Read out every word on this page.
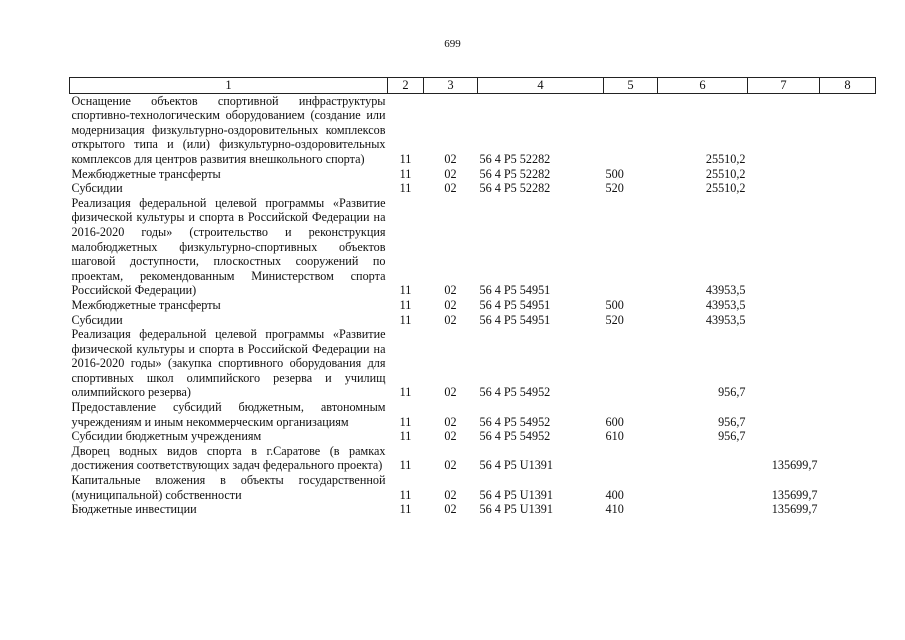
699
1	2	3	4	5	6	7	8
Оснащение объектов спортивной инфраструктуры спортивно-технологическим оборудованием (создание или модернизация физкультурно-оздоровительных комплексов открытого типа и (или) физкультурно-оздоровительных комплексов для центров развития внешкольного спорта)	11	02	56 4 P5 52282		25510,2		
Межбюджетные трансферты	11	02	56 4 P5 52282	500	25510,2		
Субсидии	11	02	56 4 P5 52282	520	25510,2		
Реализация федеральной целевой программы «Развитие физической культуры и спорта в Российской Федерации на 2016-2020 годы» (строительство и реконструкция малобюджетных физкультурно-спортивных объектов шаговой доступности, плоскостных сооружений по проектам, рекомендованным Министерством спорта Российской Федерации)	11	02	56 4 P5 54951		43953,5		
Межбюджетные трансферты	11	02	56 4 P5 54951	500	43953,5		
Субсидии	11	02	56 4 P5 54951	520	43953,5		
Реализация федеральной целевой программы «Развитие физической культуры и спорта в Российской Федерации на 2016-2020 годы» (закупка спортивного оборудования для спортивных школ олимпийского резерва и училищ олимпийского резерва)	11	02	56 4 P5 54952		956,7		
Предоставление субсидий бюджетным, автономным учреждениям и иным некоммерческим организациям	11	02	56 4 P5 54952	600	956,7		
Субсидии бюджетным учреждениям	11	02	56 4 P5 54952	610	956,7		
Дворец водных видов спорта в г.Саратове (в рамках достижения соответствующих задач федерального проекта)	11	02	56 4 P5 U1391			135699,7	
Капитальные вложения в объекты государственной (муниципальной) собственности	11	02	56 4 P5 U1391	400		135699,7	
Бюджетные инвестиции	11	02	56 4 P5 U1391	410		135699,7	
